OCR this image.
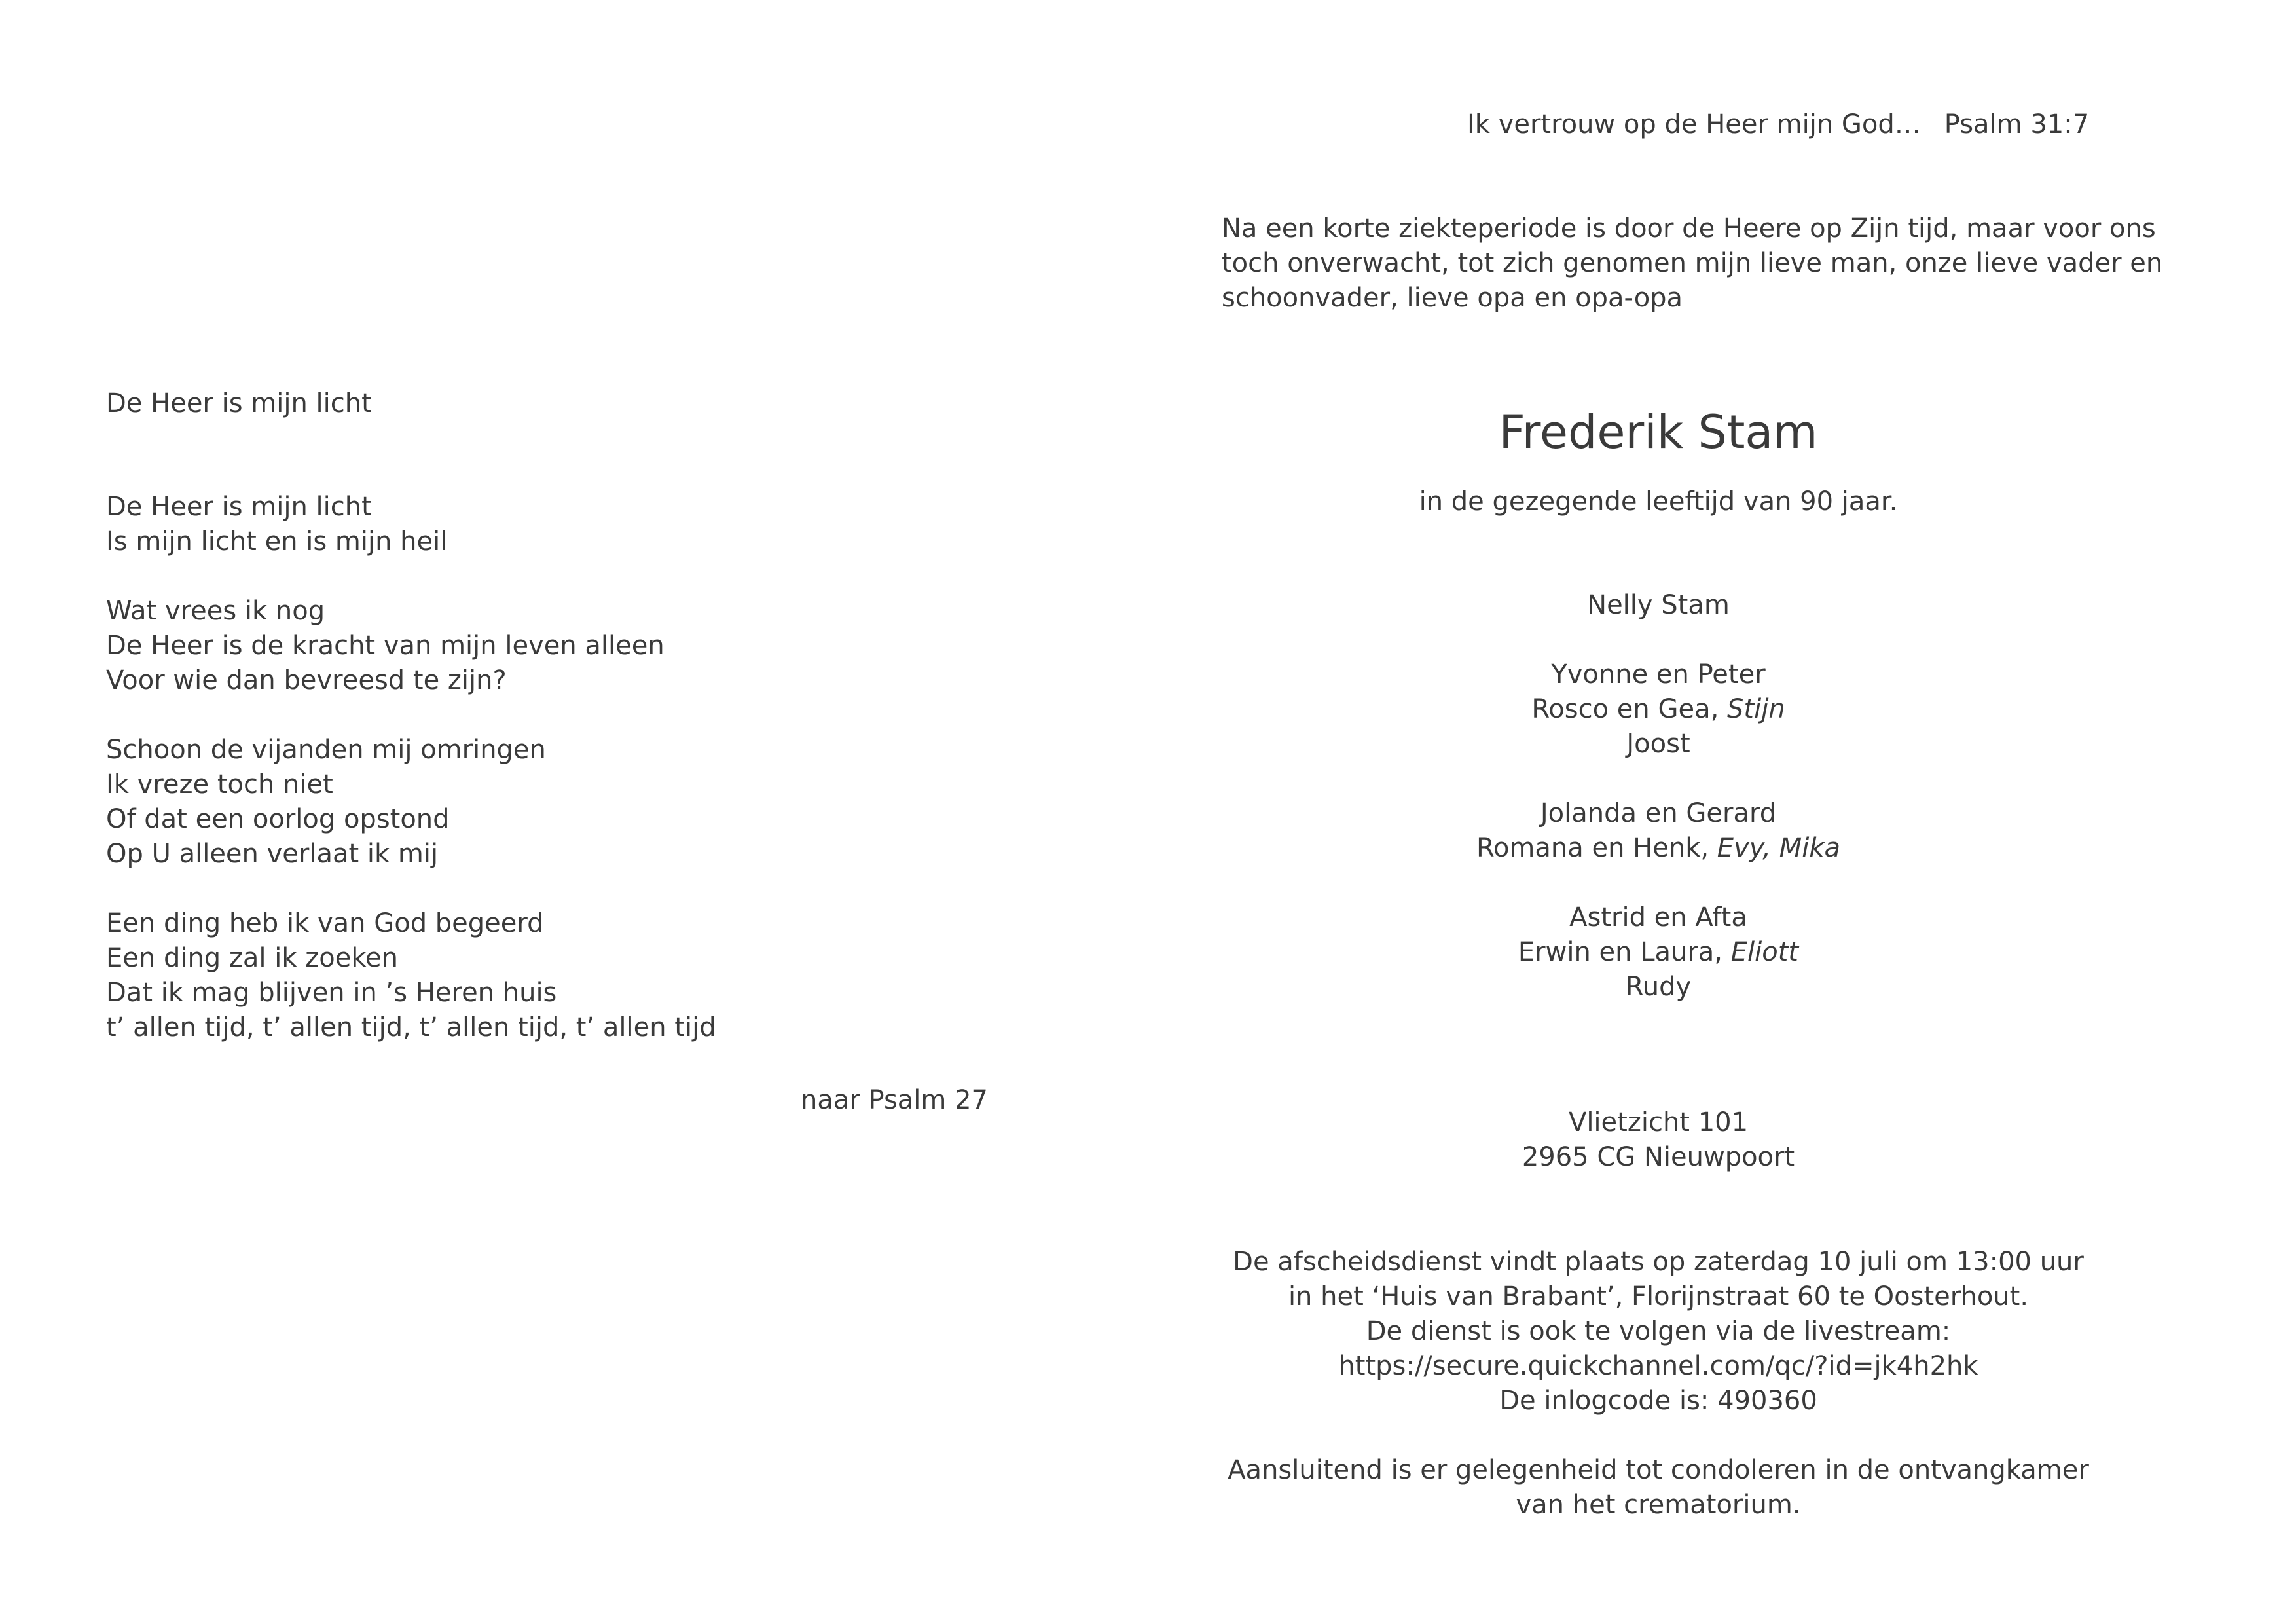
De Heer is mijn licht

De Heer is mijn licht
Is mijn licht en is mijn heil
Wat vrees ik nog
De Heer is de kracht van mijn leven alleen
Voor wie dan bevreesd te zijn?
Schoon de vijanden mij omringen
Ik vreze toch niet
Of dat een oorlog opstond
Op U alleen verlaat ik mij
Een ding heb ik van God begeerd
Een ding zal ik zoeken
Dat ik mag blijven in ’s Heren huis
t’ allen tijd, t’ allen tijd, t’ allen tijd, t’ allen tijd

naar Psalm 27

Ik vertrouw op de Heer mijn God… Psalm 31:7

Na een korte ziekteperiode is door de Heere op Zijn tijd, maar voor ons
toch onverwacht, tot zich genomen mijn lieve man, onze lieve vader en
schoonvader, lieve opa en opa-opa

Frederik Stam

in de gezegende leeftijd van 90 jaar.

Nelly Stam
Yvonne en Peter
Rosco en Gea, Stijn
Joost
Jolanda en Gerard
Romana en Henk, Evy, Mika
Astrid en Afta
Erwin en Laura, Eliott
Rudy
Vlietzicht 101
2965 CG Nieuwpoort
De afscheidsdienst vindt plaats op zaterdag 10 juli om 13:00 uur
in het ‘Huis van Brabant’, Florijnstraat 60 te Oosterhout.
De dienst is ook te volgen via de livestream:
https://secure.quickchannel.com/qc/?id=jk4h2hk
De inlogcode is: 490360
Aansluitend is er gelegenheid tot condoleren in de ontvangkamer
van het crematorium.
